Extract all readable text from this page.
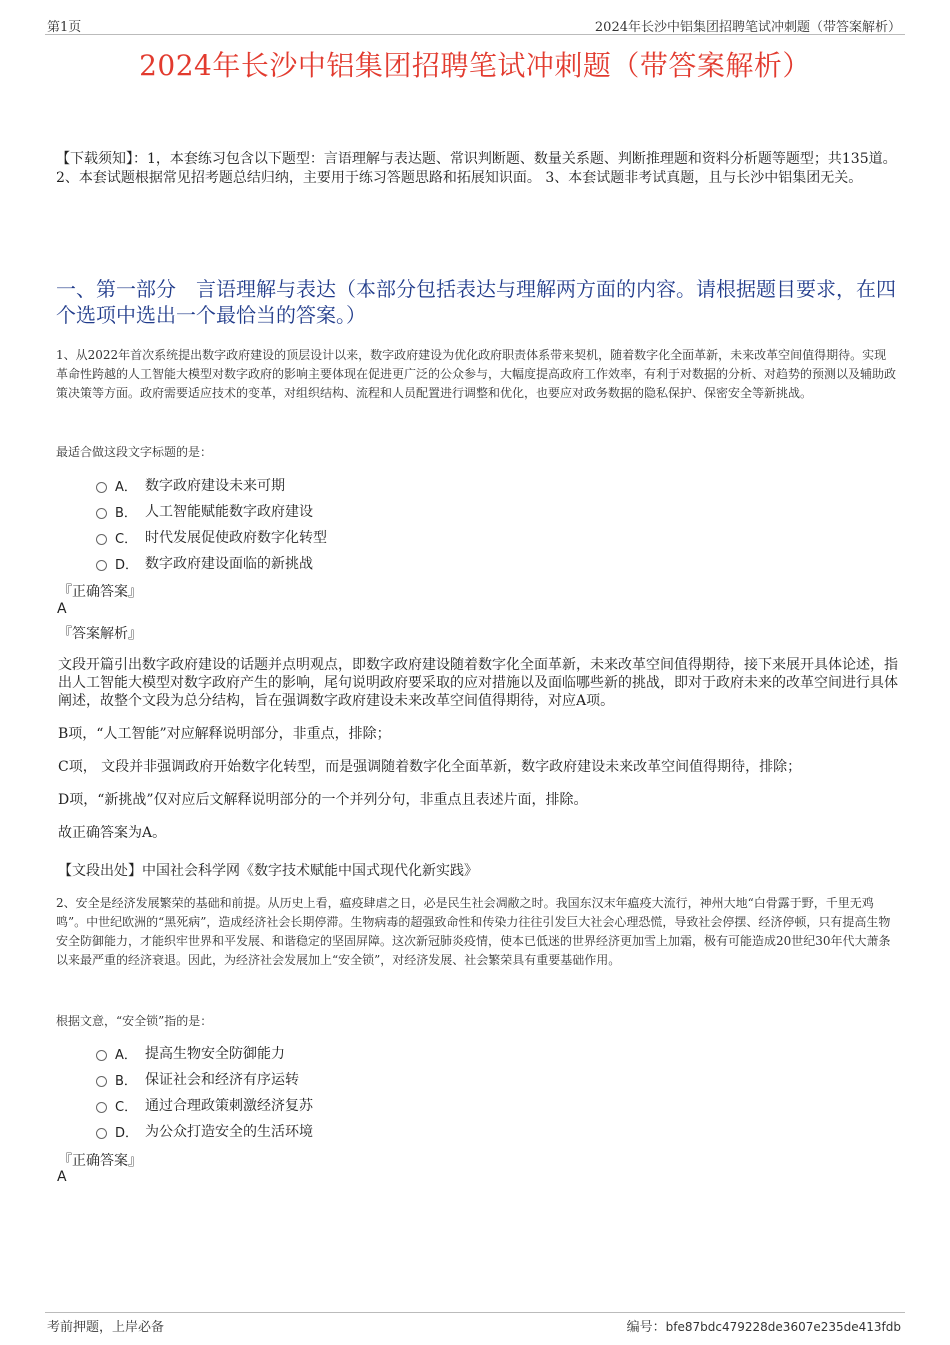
第1页	2024年长沙中铝集团招聘笔试冲刺题（带答案解析）
2024年长沙中铝集团招聘笔试冲刺题（带答案解析）
【下载须知】：1，本套练习包含以下题型：言语理解与表达题、常识判断题、数量关系题、判断推理题和资料分析题等题型；共135道。 2、本套试题根据常见招考题总结归纳，主要用于练习答题思路和拓展知识面。 3、本套试题非考试真题，且与长沙中铝集团无关。
一、第一部分　言语理解与表达（本部分包括表达与理解两方面的内容。请根据题目要求，在四个选项中选出一个最恰当的答案。）
1、从2022年首次系统提出数字政府建设的顶层设计以来，数字政府建设为优化政府职责体系带来契机，随着数字化全面革新，未来改革空间值得期待。实现革命性跨越的人工智能大模型对数字政府的影响主要体现在促进更广泛的公众参与，大幅度提高政府工作效率，有利于对数据的分析、对趋势的预测以及辅助政策决策等方面。政府需要适应技术的变革，对组织结构、流程和人员配置进行调整和优化，也要应对政务数据的隐私保护、保密安全等新挑战。
最适合做这段文字标题的是：
A． 数字政府建设未来可期
B． 人工智能赋能数字政府建设
C． 时代发展促使政府数字化转型
D． 数字政府建设面临的新挑战
『正确答案』
A
『答案解析』

文段开篇引出数字政府建设的话题并点明观点，即数字政府建设随着数字化全面革新，未来改革空间值得期待，接下来展开具体论述，指出人工智能大模型对数字政府产生的影响，尾句说明政府要采取的应对措施以及面临哪些新的挑战，即对于政府未来的改革空间进行具体阐述，故整个文段为总分结构，旨在强调数字政府建设未来改革空间值得期待，对应A项。

B项，“人工智能”对应解释说明部分，非重点，排除；

C项， 文段并非强调政府开始数字化转型，而是强调随着数字化全面革新，数字政府建设未来改革空间值得期待，排除；

D项，“新挑战”仅对应后文解释说明部分的一个并列分句，非重点且表述片面，排除。

故正确答案为A。

【文段出处】中国社会科学网《数字技术赋能中国式现代化新实践》
2、安全是经济发展繁荣的基础和前提。从历史上看，瘟疫肆虐之日，必是民生社会凋敝之时。我国东汉末年瘟疫大流行，神州大地“白骨露于野，千里无鸡鸣”。中世纪欧洲的“黑死病”，造成经济社会长期停滞。生物病毒的超强致命性和传染力往往引发巨大社会心理恐慌，导致社会停摆、经济停顿，只有提高生物安全防御能力，才能织牢世界和平发展、和谐稳定的坚固屏障。这次新冠肺炎疫情，使本已低迷的世界经济更加雪上加霜，极有可能造成20世纪30年代大萧条以来最严重的经济衰退。因此，为经济社会发展加上“安全锁”，对经济发展、社会繁荣具有重要基础作用。
根据文意，“安全锁”指的是：
A． 提高生物安全防御能力
B． 保证社会和经济有序运转
C． 通过合理政策刺激经济复苏
D． 为公众打造安全的生活环境
『正确答案』
A
考前押题，上岸必备	编号：bfe87bdc479228de3607e235de413fdb
